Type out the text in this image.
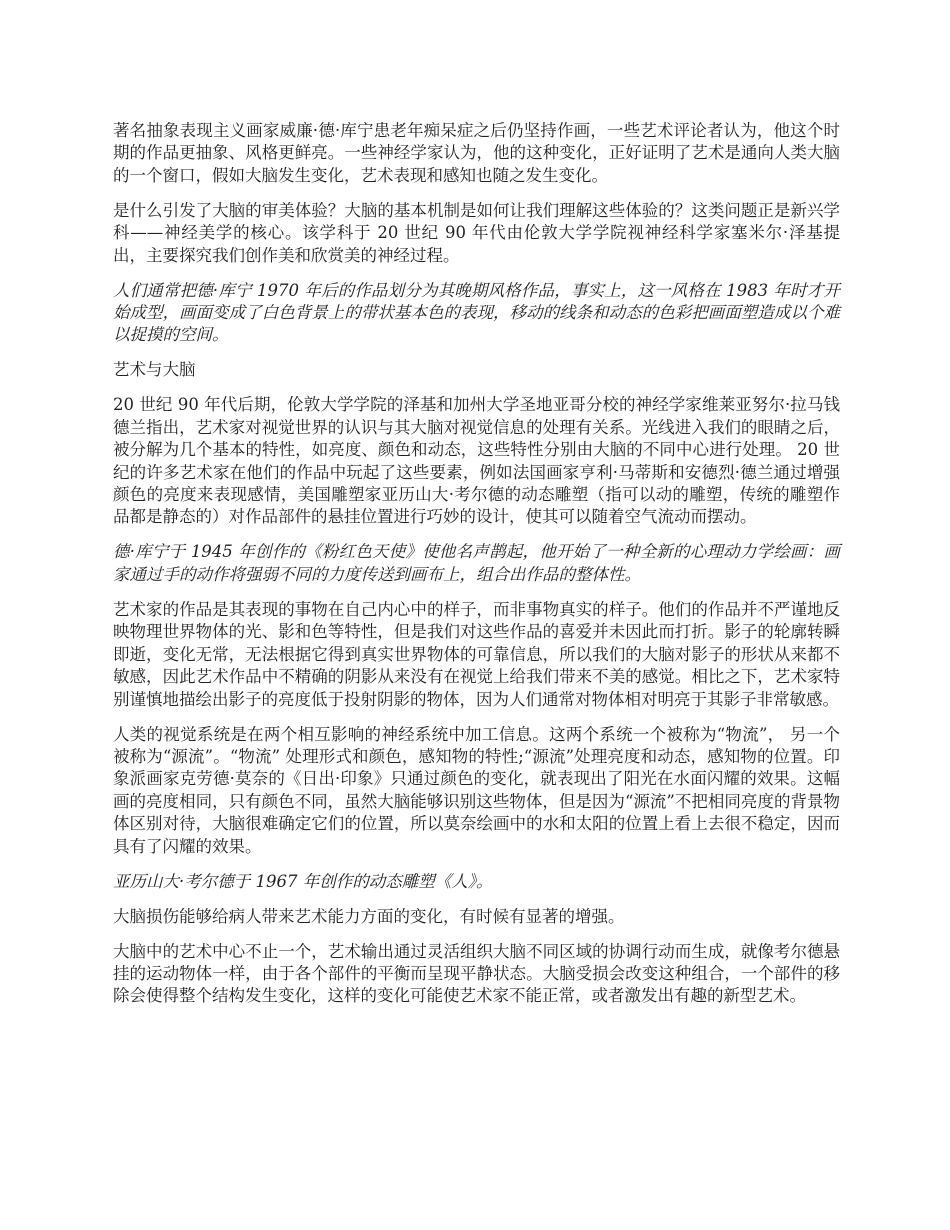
著名抽象表现主义画家威廉·德·库宁患老年痴呆症之后仍坚持作画，一些艺术评论者认为，他这个时期的作品更抽象、风格更鲜亮。一些神经学家认为，他的这种变化，正好证明了艺术是通向人类大脑的一个窗口，假如大脑发生变化，艺术表现和感知也随之发生变化。

是什么引发了大脑的审美体验？大脑的基本机制是如何让我们理解这些体验的？这类问题正是新兴学科——神经美学的核心。该学科于 20 世纪 90 年代由伦敦大学学院视神经科学家塞米尔·泽基提出，主要探究我们创作美和欣赏美的神经过程。

人们通常把德·库宁 1970 年后的作品划分为其晚期风格作品，事实上，这一风格在 1983 年时才开始成型，画面变成了白色背景上的带状基本色的表现，移动的线条和动态的色彩把画面塑造成以个难以捉摸的空间。

艺术与大脑

20 世纪 90 年代后期，伦敦大学学院的泽基和加州大学圣地亚哥分校的神经学家维莱亚努尔·拉马钱德兰指出，艺术家对视觉世界的认识与其大脑对视觉信息的处理有关系。光线进入我们的眼睛之后，被分解为几个基本的特性，如亮度、颜色和动态，这些特性分别由大脑的不同中心进行处理。 20 世纪的许多艺术家在他们的作品中玩起了这些要素，例如法国画家亨利·马蒂斯和安德烈·德兰通过增强颜色的亮度来表现感情，美国雕塑家亚历山大·考尔德的动态雕塑（指可以动的雕塑，传统的雕塑作品都是静态的）对作品部件的悬挂位置进行巧妙的设计，使其可以随着空气流动而摆动。

德·库宁于 1945 年创作的《粉红色天使》使他名声鹊起，他开始了一种全新的心理动力学绘画：画家通过手的动作将强弱不同的力度传送到画布上，组合出作品的整体性。

艺术家的作品是其表现的事物在自己内心中的样子，而非事物真实的样子。他们的作品并不严谨地反映物理世界物体的光、影和色等特性，但是我们对这些作品的喜爱并未因此而打折。影子的轮廓转瞬即逝，变化无常，无法根据它得到真实世界物体的可靠信息，所以我们的大脑对影子的形状从来都不敏感，因此艺术作品中不精确的阴影从来没有在视觉上给我们带来不美的感觉。相比之下，艺术家特别谨慎地描绘出影子的亮度低于投射阴影的物体，因为人们通常对物体相对明亮于其影子非常敏感。

人类的视觉系统是在两个相互影响的神经系统中加工信息。这两个系统一个被称为“物流”， 另一个被称为“源流”。“物流” 处理形式和颜色，感知物的特性;“源流”处理亮度和动态，感知物的位置。印象派画家克劳德·莫奈的《日出·印象》只通过颜色的变化，就表现出了阳光在水面闪耀的效果。这幅画的亮度相同，只有颜色不同，虽然大脑能够识别这些物体，但是因为“源流”不把相同亮度的背景物体区别对待，大脑很难确定它们的位置，所以莫奈绘画中的水和太阳的位置上看上去很不稳定，因而具有了闪耀的效果。

亚历山大·考尔德于 1967 年创作的动态雕塑《人》。

大脑损伤能够给病人带来艺术能力方面的变化，有时候有显著的增强。

大脑中的艺术中心不止一个，艺术输出通过灵活组织大脑不同区域的协调行动而生成，就像考尔德悬挂的运动物体一样，由于各个部件的平衡而呈现平静状态。大脑受损会改变这种组合，一个部件的移除会使得整个结构发生变化，这样的变化可能使艺术家不能正常，或者激发出有趣的新型艺术。
